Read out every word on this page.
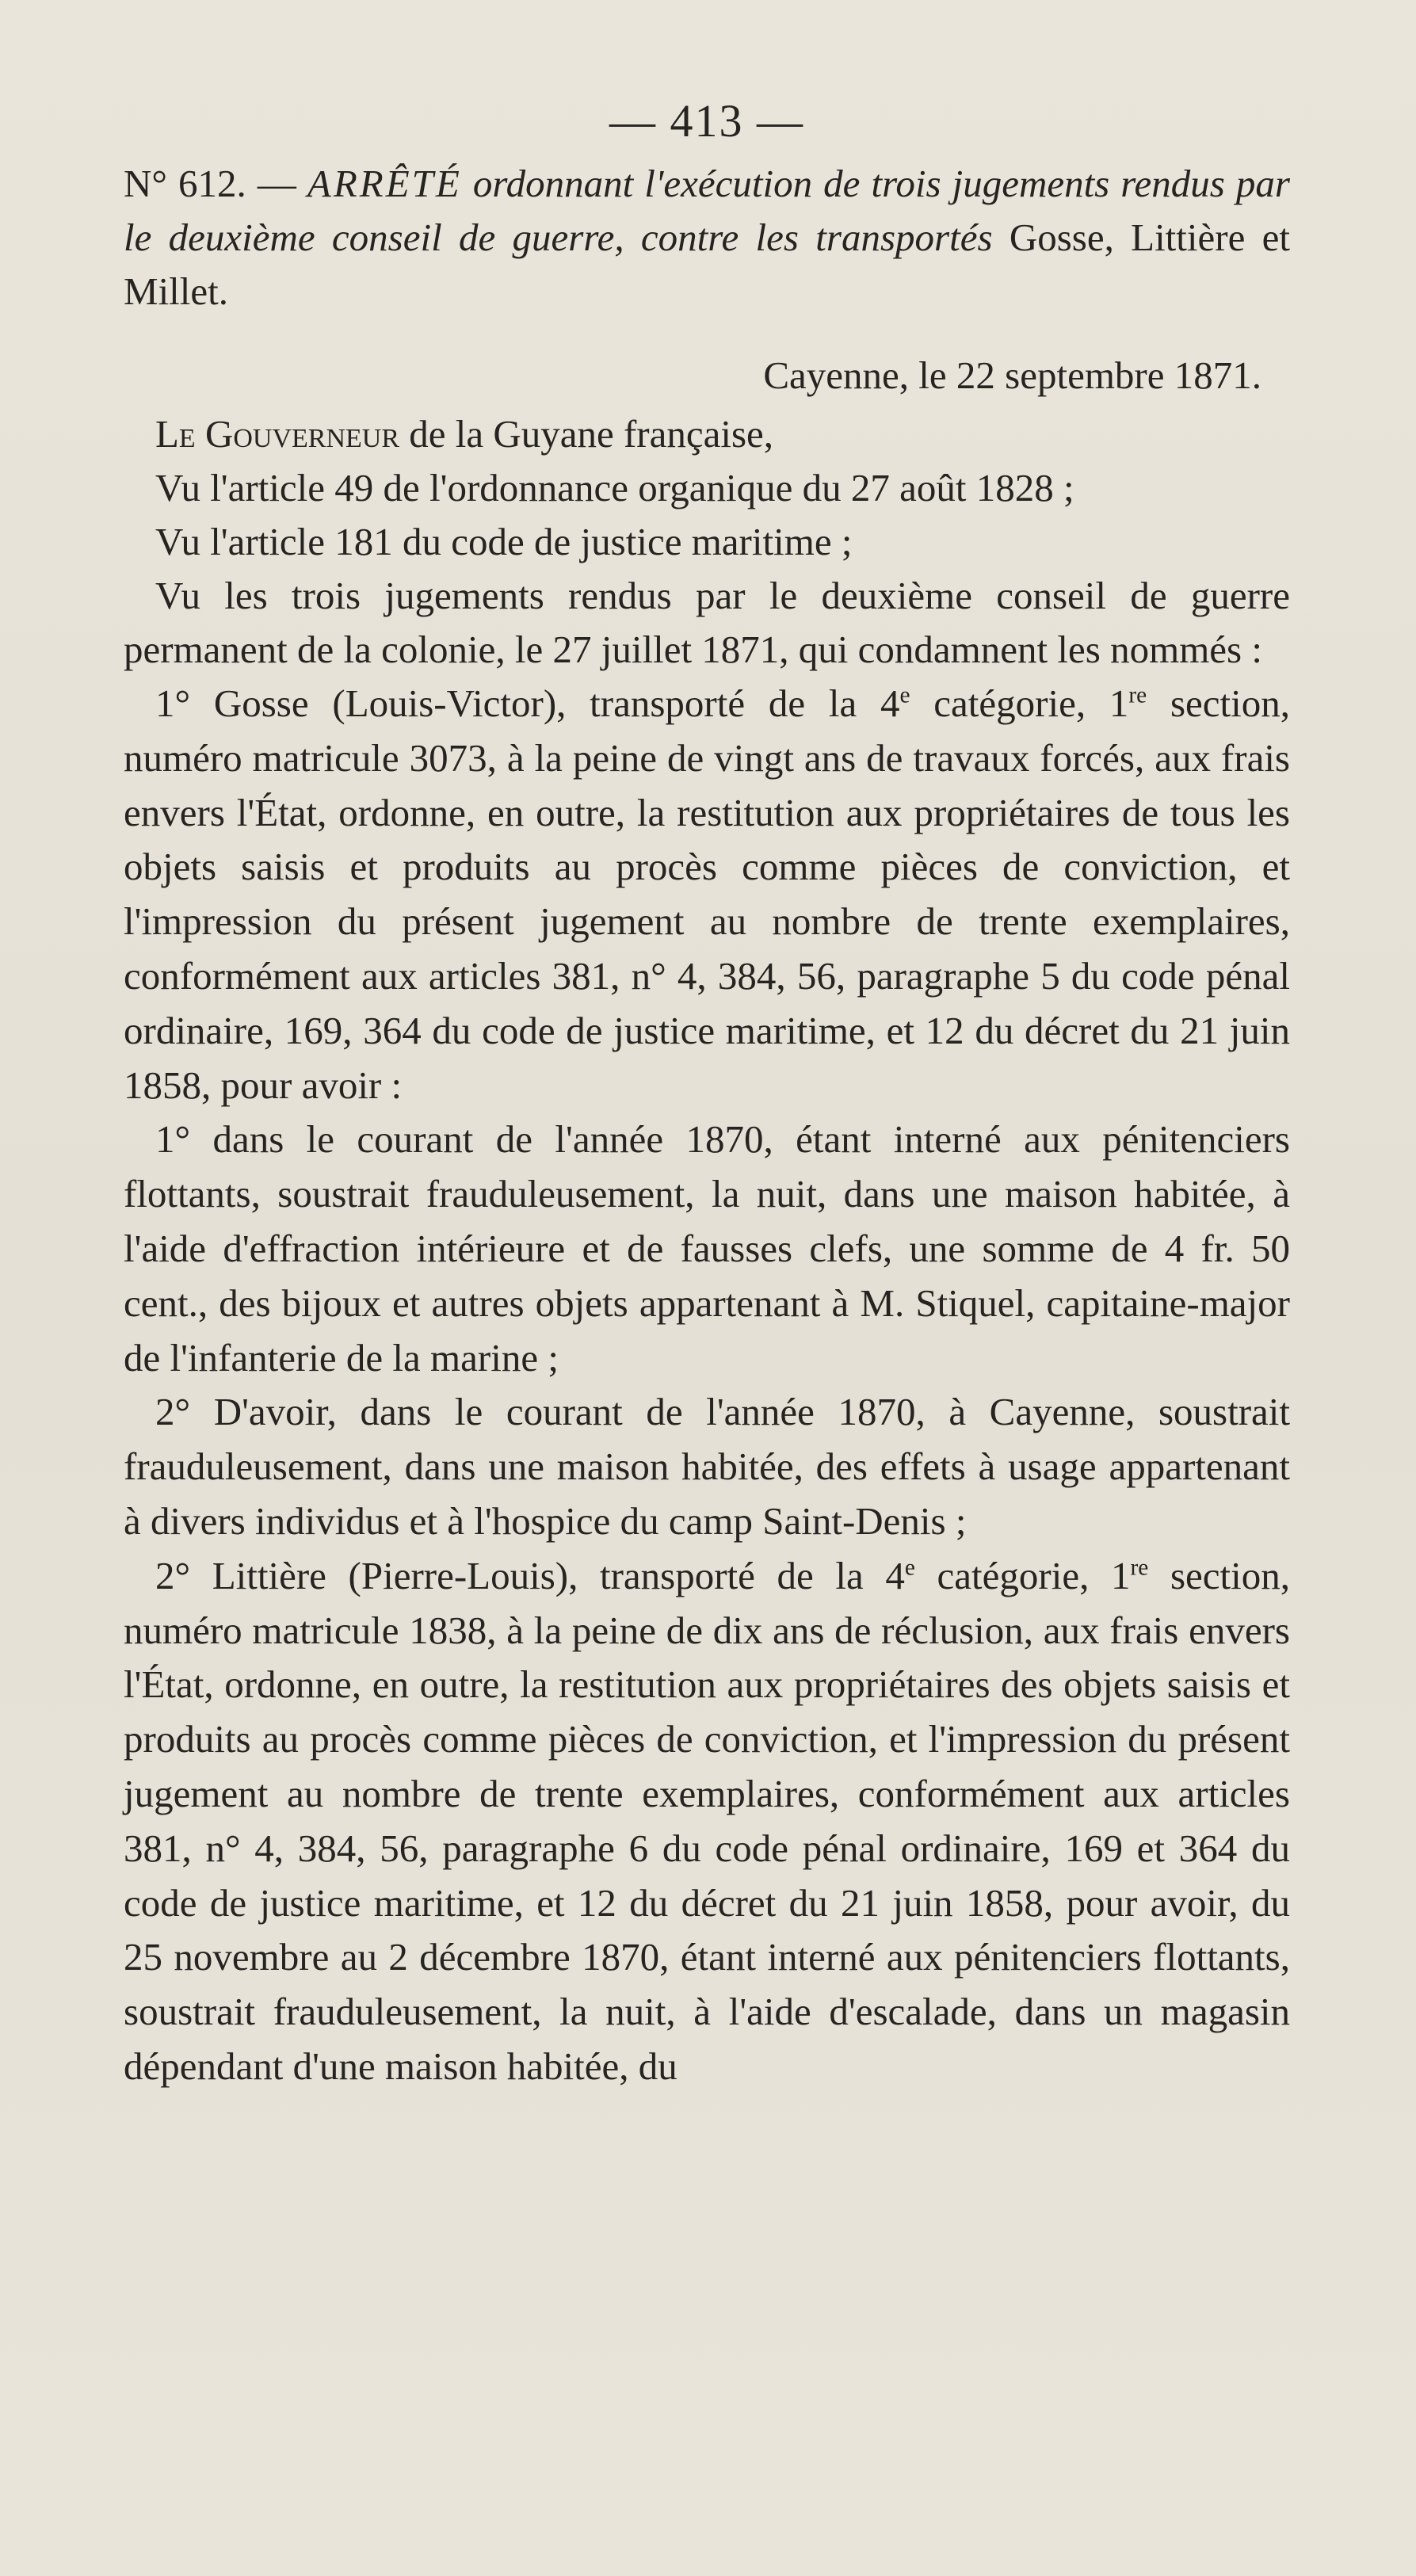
— 413 —

N° 612. — ARRÊTÉ ordonnant l'exécution de trois jugements rendus par le deuxième conseil de guerre, contre les transportés Gosse, Littière et Millet.

Cayenne, le 22 septembre 1871.

Le Gouverneur de la Guyane française,

Vu l'article 49 de l'ordonnance organique du 27 août 1828 ;

Vu l'article 181 du code de justice maritime ;

Vu les trois jugements rendus par le deuxième conseil de guerre permanent de la colonie, le 27 juillet 1871, qui condamnent les nommés :

1° Gosse (Louis-Victor), transporté de la 4e catégorie, 1re section, numéro matricule 3073, à la peine de vingt ans de travaux forcés, aux frais envers l'État, ordonne, en outre, la restitution aux propriétaires de tous les objets saisis et produits au procès comme pièces de conviction, et l'impression du présent jugement au nombre de trente exemplaires, conformément aux articles 381, n° 4, 384, 56, paragraphe 5 du code pénal ordinaire, 169, 364 du code de justice maritime, et 12 du décret du 21 juin 1858, pour avoir :

1° dans le courant de l'année 1870, étant interné aux pénitenciers flottants, soustrait frauduleusement, la nuit, dans une maison habitée, à l'aide d'effraction intérieure et de fausses clefs, une somme de 4 fr. 50 cent., des bijoux et autres objets appartenant à M. Stiquel, capitaine-major de l'infanterie de la marine ;

2° D'avoir, dans le courant de l'année 1870, à Cayenne, soustrait frauduleusement, dans une maison habitée, des effets à usage appartenant à divers individus et à l'hospice du camp Saint-Denis ;

2° Littière (Pierre-Louis), transporté de la 4e catégorie, 1re section, numéro matricule 1838, à la peine de dix ans de réclusion, aux frais envers l'État, ordonne, en outre, la restitution aux propriétaires des objets saisis et produits au procès comme pièces de conviction, et l'impression du présent jugement au nombre de trente exemplaires, conformément aux articles 381, n° 4, 384, 56, paragraphe 6 du code pénal ordinaire, 169 et 364 du code de justice maritime, et 12 du décret du 21 juin 1858, pour avoir, du 25 novembre au 2 décembre 1870, étant interné aux pénitenciers flottants, soustrait frauduleusement, la nuit, à l'aide d'escalade, dans un magasin dépendant d'une maison habitée, du
